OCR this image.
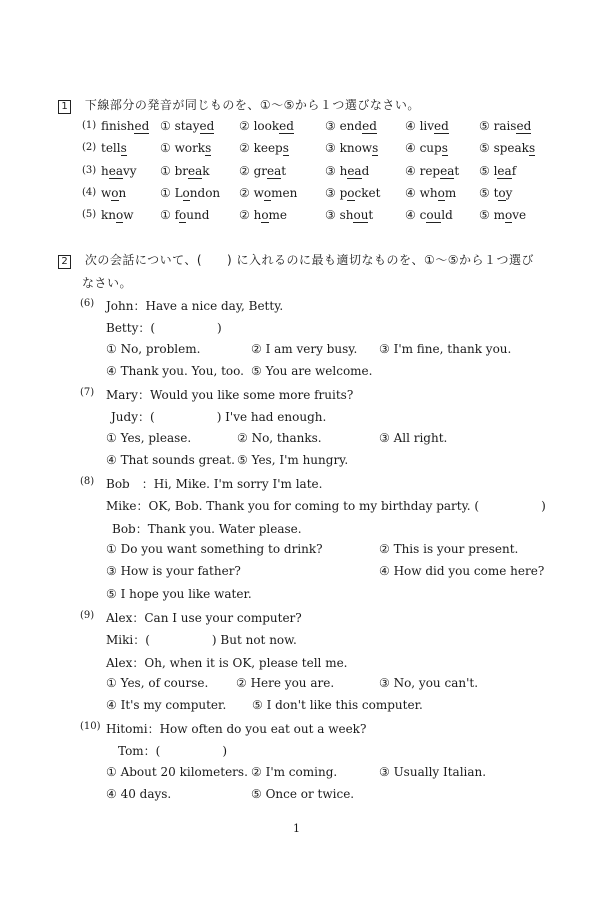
1 下線部分の発音が同じものを、①〜⑤から１つ選びなさい。
(1) finished ① stayed ② looked	③ ended ④ lived	⑤ raised
(2) tells	① works ② keeps	③ knows ④ cups	⑤ speaks
(3) heavy ① break ② great	③ head	④ repeat ⑤ leaf
(4) won	① London ② women ③ pocket ④ whom ⑤ toy
(5) know ① found ② home	③ shout	④ could ⑤ move
2 次の会話について、(　　) に入れるのに最も適切なものを、①〜⑤から１つ選び
なさい。
(6) John：Have a nice day, Betty.
Betty：(	)
① No, problem.	② I am very busy. ③ I'm fine, thank you.
④ Thank you. You, too. ⑤ You are welcome.
(7) Mary：Would you like some more fruits?
Judy：(	) I've had enough.
① Yes, please.	② No, thanks.	③ All right.
④ That sounds great. ⑤ Yes, I'm hungry.
(8) Bob　：Hi, Mike. I'm sorry I'm late.
Mike：OK, Bob. Thank you for coming to my birthday party. (	)
Bob：Thank you. Water please.
① Do you want something to drink?	② This is your present.
③ How is your father?	④ How did you come here?
⑤ I hope you like water.
(9) Alex：Can I use your computer?
Miki：(	) But not now.
Alex：Oh, when it is OK, please tell me.
① Yes, of course. ② Here you are.	③ No, you can't.
④ It's my computer. ⑤ I don't like this computer.
(10) Hitomi：How often do you eat out a week?
Tom：(	)
① About 20 kilometers. ② I'm coming.	③ Usually Italian.
④ 40 days.	⑤ Once or twice.
1
